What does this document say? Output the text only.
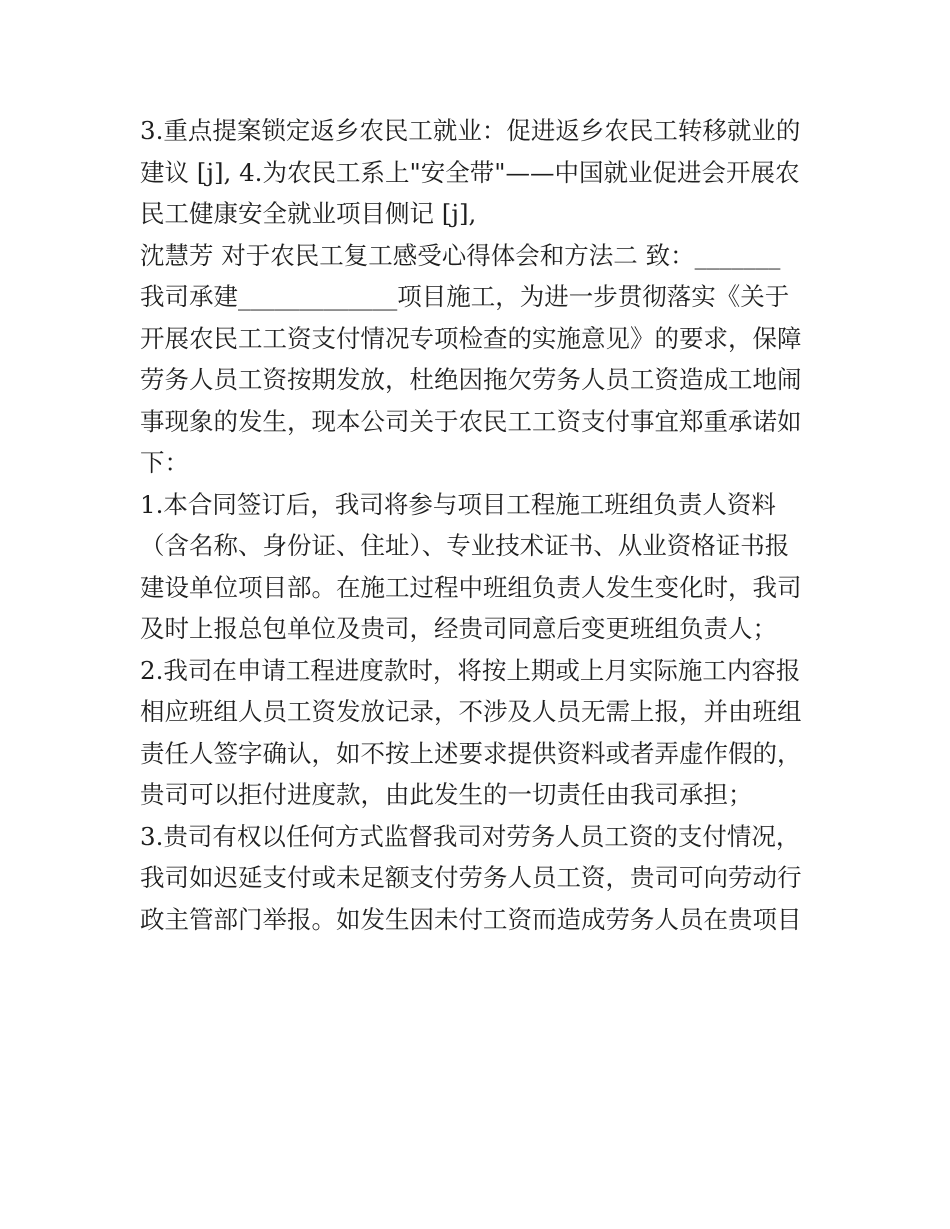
3.重点提案锁定返乡农民工就业：促进返乡农民工转移就业的
建议 [j], 4.为农民工系上"安全带"——中国就业促进会开展农
民工健康安全就业项目侧记 [j],
沈慧芳 对于农民工复工感受心得体会和方法二 致：_______
我司承建_____________项目施工，为进一步贯彻落实《关于
开展农民工工资支付情况专项检查的实施意见》的要求，保障
劳务人员工资按期发放，杜绝因拖欠劳务人员工资造成工地闹
事现象的发生，现本公司关于农民工工资支付事宜郑重承诺如
下：
1.本合同签订后，我司将参与项目工程施工班组负责人资料
（含名称、身份证、住址）、专业技术证书、从业资格证书报
建设单位项目部。在施工过程中班组负责人发生变化时，我司
及时上报总包单位及贵司，经贵司同意后变更班组负责人；
2.我司在申请工程进度款时，将按上期或上月实际施工内容报
相应班组人员工资发放记录，不涉及人员无需上报，并由班组
责任人签字确认，如不按上述要求提供资料或者弄虚作假的，
贵司可以拒付进度款，由此发生的一切责任由我司承担；
3.贵司有权以任何方式监督我司对劳务人员工资的支付情况，
我司如迟延支付或未足额支付劳务人员工资，贵司可向劳动行
政主管部门举报。如发生因未付工资而造成劳务人员在贵项目
